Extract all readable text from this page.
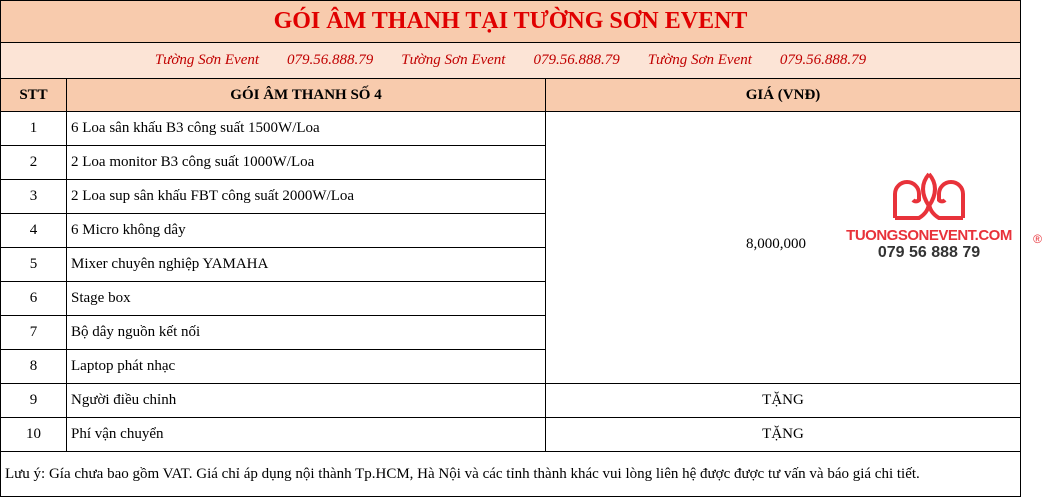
GÓI ÂM THANH TẠI TƯỜNG SƠN EVENT		
Tường Sơn Event 079.56.888.79 Tường Sơn Event 079.56.888.79 Tường Sơn Event 079.56.888.79		
STT	GÓI ÂM THANH SỐ 4	GIÁ (VNĐ)
1	6 Loa sân khấu B3 công suất 1500W/Loa	8,000,000 TUONGSONEVENT.COM ®
079 56 888 79

2	2 Loa monitor B3 công suất 1000W/Loa	
3	2 Loa sup sân khấu FBT công suất 2000W/Loa	
4	6 Micro không dây	
5	Mixer chuyên nghiệp YAMAHA	
6	Stage box	
7	Bộ dây nguồn kết nối	
8	Laptop phát nhạc	
9	Người điều chỉnh	TẶNG
10	Phí vận chuyển	TẶNG
Lưu ý: Gía chưa bao gồm VAT. Giá chỉ áp dụng nội thành Tp.HCM, Hà Nội và các tỉnh thành khác vui lòng liên hệ được được tư vấn và báo giá chi tiết.		
